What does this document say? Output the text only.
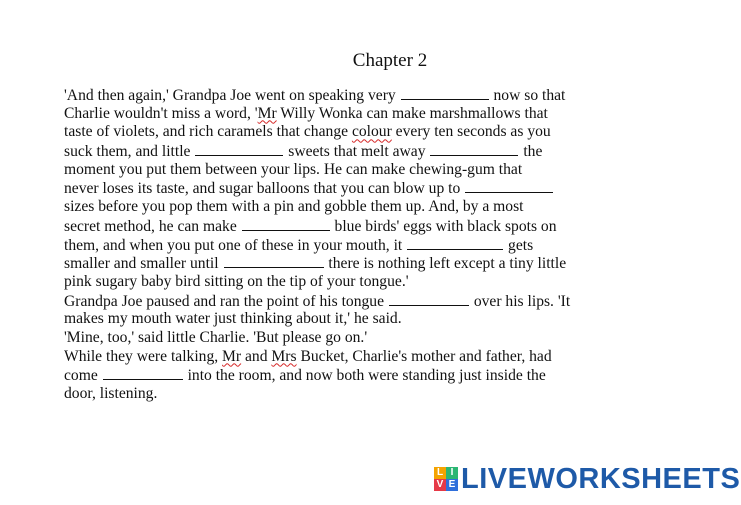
Chapter 2
'And then again,' Grandpa Joe went on speaking very	now so that
Charlie wouldn't miss a word, 'Mr Willy Wonka can make marshmallows that
taste of violets, and rich caramels that change colour every ten seconds as you
suck them, and little	sweets that melt away	the
moment you put them between your lips. He can make chewing-gum that
never loses its taste, and sugar balloons that you can blow up to
sizes before you pop them with a pin and gobble them up. And, by a most
secret method, he can make	blue birds' eggs with black spots on
them, and when you put one of these in your mouth, it	gets
smaller and smaller until	there is nothing left except a tiny little
pink sugary baby bird sitting on the tip of your tongue.'
Grandpa Joe paused and ran the point of his tongue	over his lips. 'It
makes my mouth water just thinking about it,' he said.
'Mine, too,' said little Charlie. 'But please go on.'
While they were talking, Mr and Mrs Bucket, Charlie's mother and father, had
come	into the room, and now both were standing just inside the
door, listening.
L I
V E LIVEWORKSHEETS
